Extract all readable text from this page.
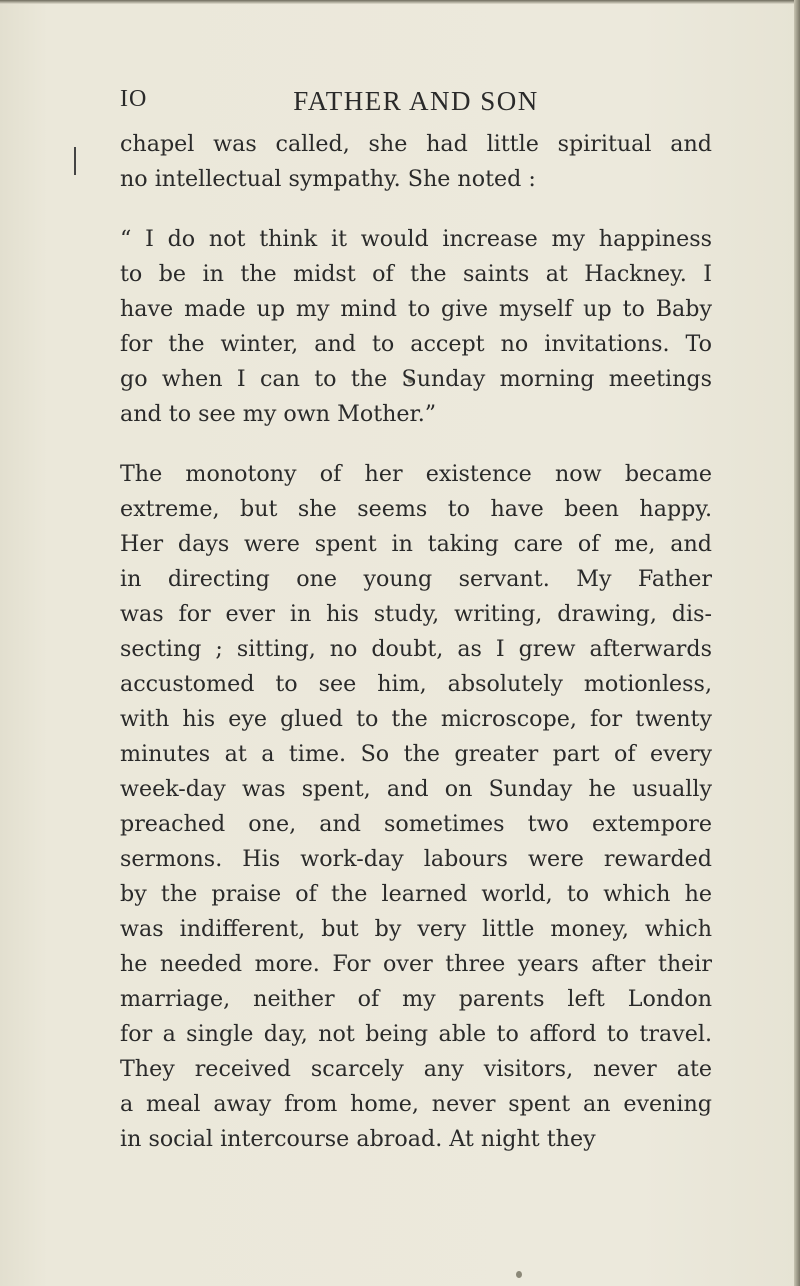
IO	FATHER AND SON
chapel was called, she had little spiritual and
no intellectual sympathy. She noted :
“ I do not think it would increase my happiness
to be in the midst of the saints at Hackney. I
have made up my mind to give myself up to Baby
for the winter, and to accept no invitations. To
go when I can to the Sunday morning meetings
and to see my own Mother.”
The monotony of her existence now became
extreme, but she seems to have been happy.
Her days were spent in taking care of me, and
in directing one young servant. My Father
was for ever in his study, writing, drawing, dis-
secting ; sitting, no doubt, as I grew afterwards
accustomed to see him, absolutely motionless,
with his eye glued to the microscope, for twenty
minutes at a time. So the greater part of every
week-day was spent, and on Sunday he usually
preached one, and sometimes two extempore
sermons. His work-day labours were rewarded
by the praise of the learned world, to which he
was indifferent, but by very little money, which
he needed more. For over three years after their
marriage, neither of my parents left London
for a single day, not being able to afford to travel.
They received scarcely any visitors, never ate
a meal away from home, never spent an evening
in social intercourse abroad. At night they
